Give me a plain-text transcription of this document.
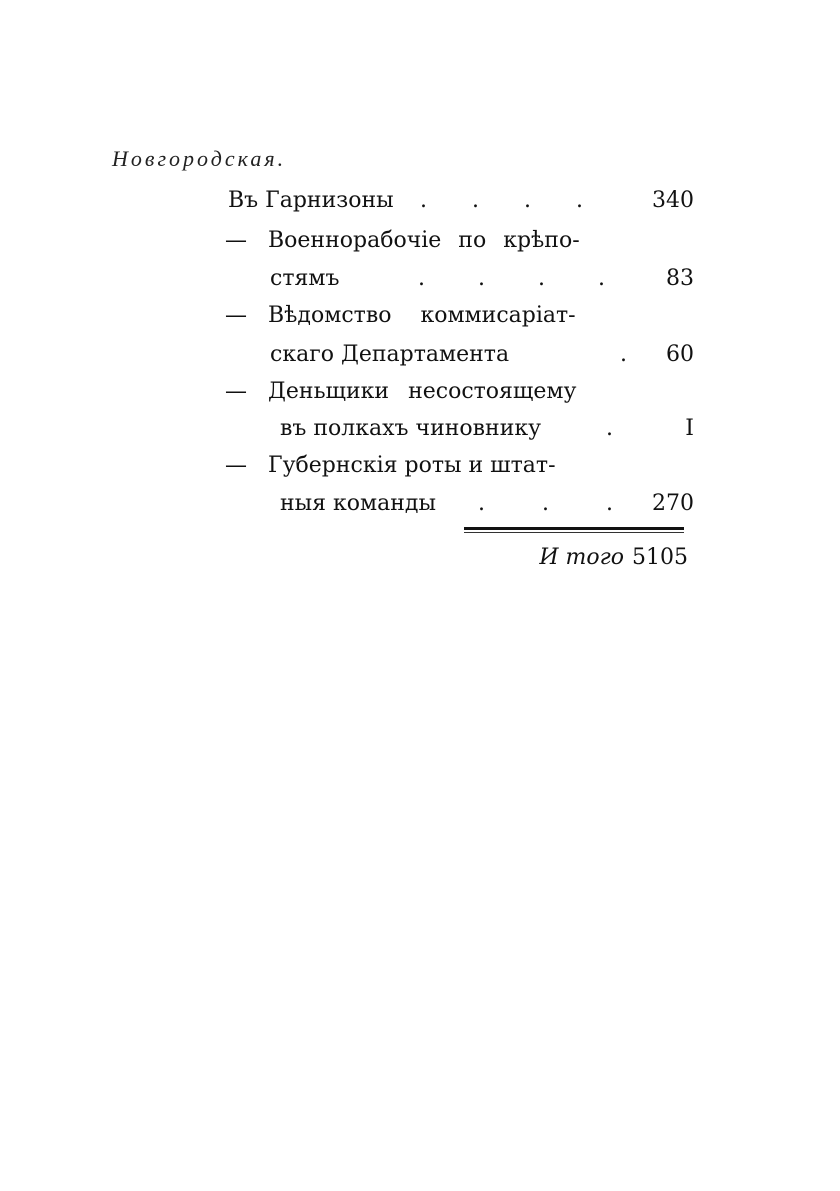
Новгородская.
Въ Гарнизоны . . . .	340
— Военнорабочіе по крѣпо-
стямъ	. . . .	83
— Вѣдомство коммисаріат-
скаго Департамента	. 60
— Деньщики несостоящему
въ полкахъ чиновнику	.	I
— Губернскія роты и штат-
ныя команды . . . 270
И того 5105
